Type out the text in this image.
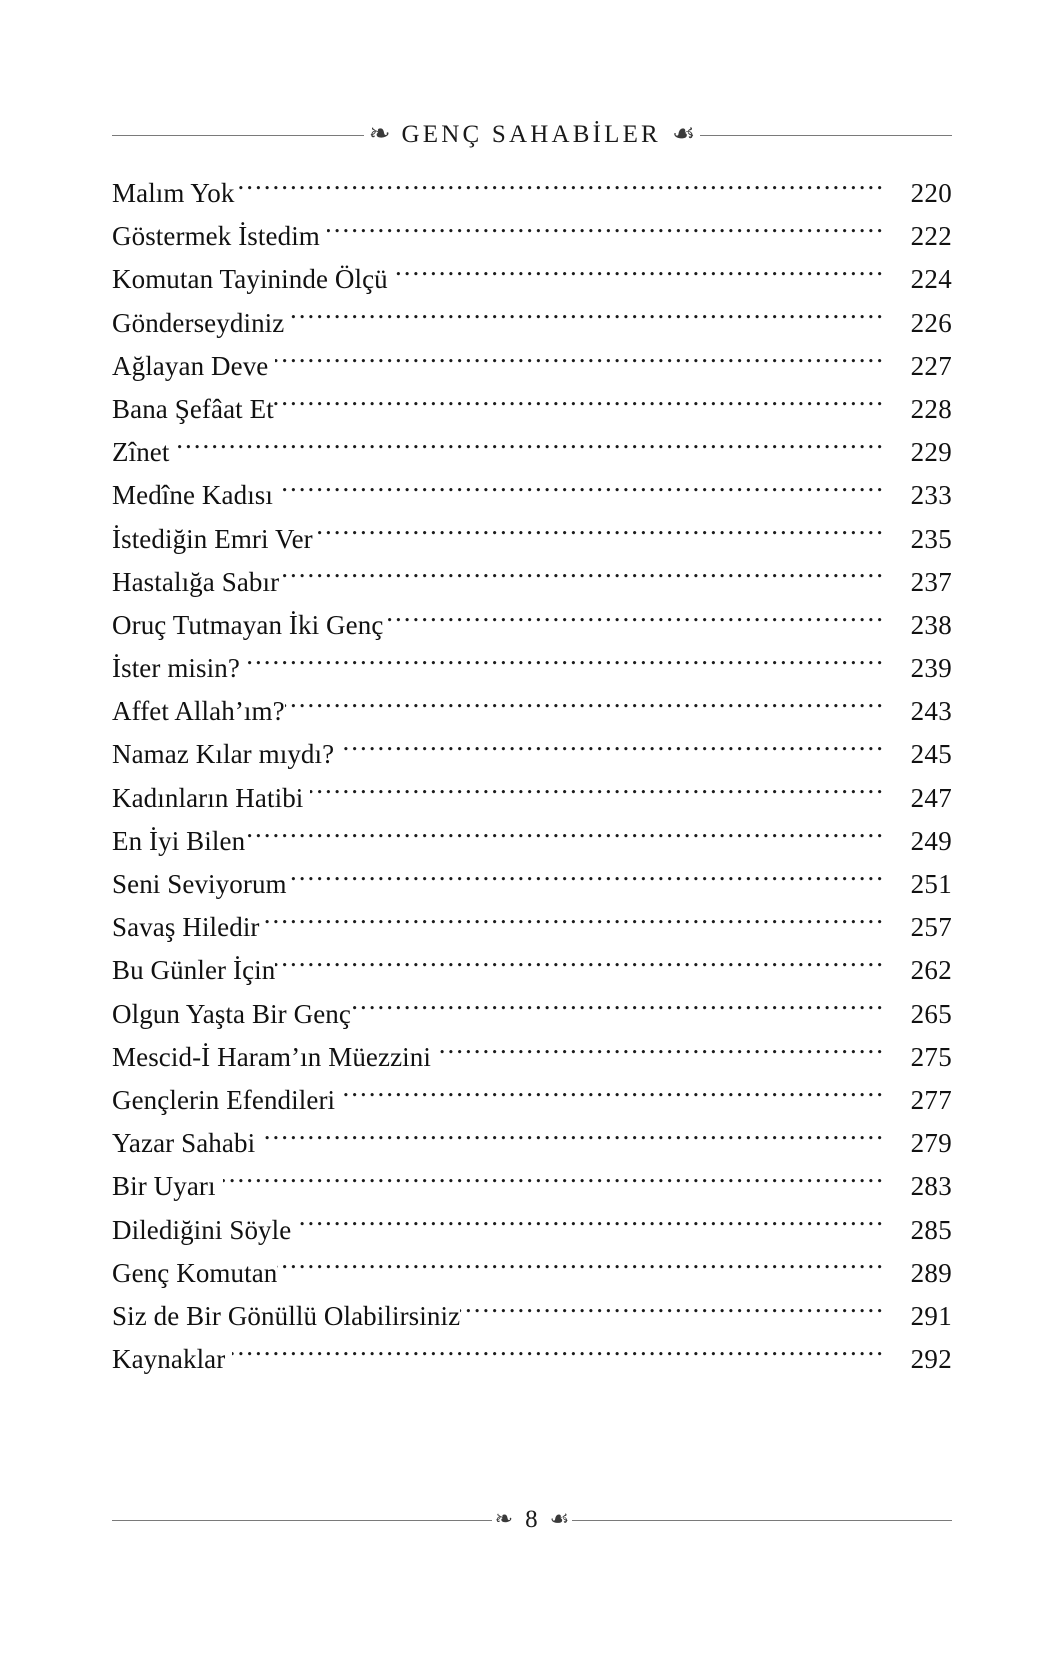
❧ GENÇ SAHABİLER ☙
Malım Yok .....	220
Göstermek İstedim .....	222
Komutan Tayininde Ölçü .....	224
Gönderseydiniz .....	226
Ağlayan Deve .....	227
Bana Şefâat Et .....	228
Zînet .....	229
Medîne Kadısı .....	233
İstediğin Emri Ver .....	235
Hastalığa Sabır .....	237
Oruç Tutmayan İki Genç .....	238
İster misin? .....	239
Affet Allah’ım? .....	243
Namaz Kılar mıydı? .....	245
Kadınların Hatibi .....	247
En İyi Bilen .....	249
Seni Seviyorum .....	251
Savaş Hiledir .....	257
Bu Günler İçin .....	262
Olgun Yaşta Bir Genç .....	265
Mescid-İ Haram’ın Müezzini .....	275
Gençlerin Efendileri .....	277
Yazar Sahabi .....	279
Bir Uyarı .....	283
Dilediğini Söyle .....	285
Genç Komutan .....	289
Siz de Bir Gönüllü Olabilirsiniz .....	291
Kaynaklar .....	292
❧ 8 ☙
